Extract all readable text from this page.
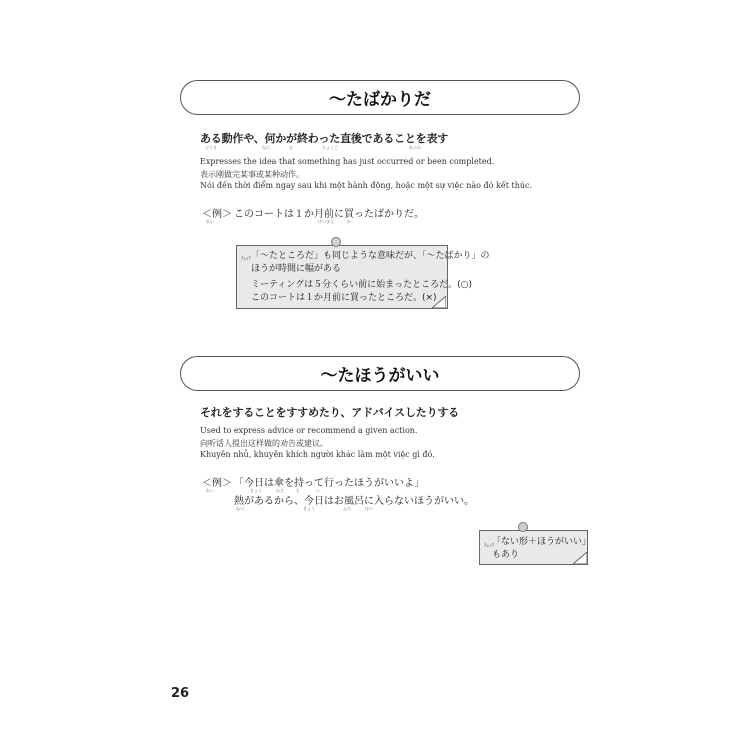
～たばかりだ
ある動作や、何かが終わった直後であることを表す
どうさ	なに	お	ちょくご	あらわ
Expresses the idea that something has just occurred or been completed.
表示刚做完某事或某种动作。
Nói đến thời điểm ngay sau khi một hành động, hoặc một sự việc nào đó kết thúc.
＜例＞ このコートは１か月前に買ったばかりだ。
れい	げつまえ	か
ﾁｪｯｸ 「～たところだ」も同じような意味だが、「～たばかり」の
ほうが時間に幅がある
ミーティングは５分くらい前に始まったところだ。(○)
このコートは１か月前に買ったところだ。(×)
～たほうがいい
それをすることをすすめたり、アドバイスしたりする
Used to express advice or recommend a given action.
向听话人提出这样做的劝告或建议。
Khuyên nhủ, khuyên khích người khác làm một việc gì đó.
＜例＞ 「今日は傘を持って行ったほうがいいよ」
れい	きょう	かさ	も	い
熱があるから、今日はお風呂に入らないほうがいい。
ねつ	きょう	ふろ	はい
ﾁｪｯｸ
「ない形＋ほうがいい」
もあり
26
